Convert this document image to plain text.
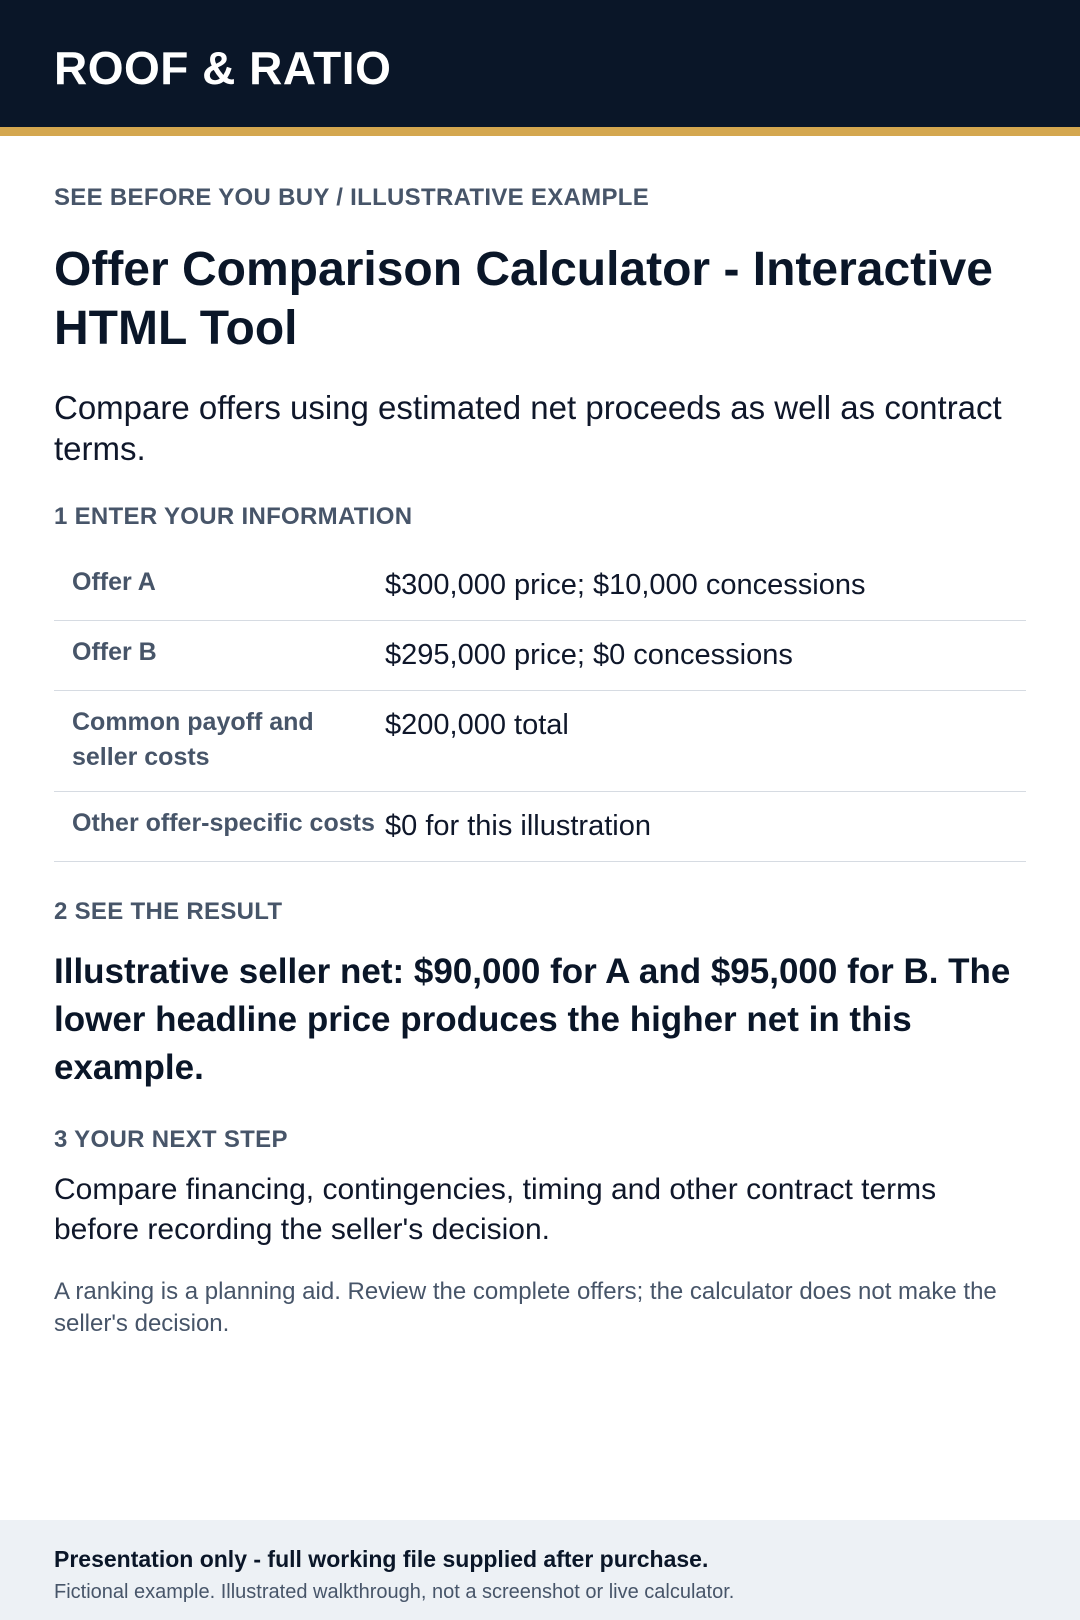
ROOF & RATIO
SEE BEFORE YOU BUY / ILLUSTRATIVE EXAMPLE
Offer Comparison Calculator - Interactive HTML Tool

Compare offers using estimated net proceeds as well as contract terms.

1 ENTER YOUR INFORMATION
Offer A	$300,000 price; $10,000 concessions
Offer B	$295,000 price; $0 concessions
Common payoff and seller costs
$200,000 total
Other offer-specific costs $0 for this illustration
2 SEE THE RESULT
Illustrative seller net: $90,000 for A and $95,000 for B. The lower headline price produces the higher net in this example.
3 YOUR NEXT STEP

Compare financing, contingencies, timing and other contract terms before recording the seller's decision.

A ranking is a planning aid. Review the complete offers; the calculator does not make the seller's decision.

Presentation only - full working file supplied after purchase.
Fictional example. Illustrated walkthrough, not a screenshot or live calculator.
